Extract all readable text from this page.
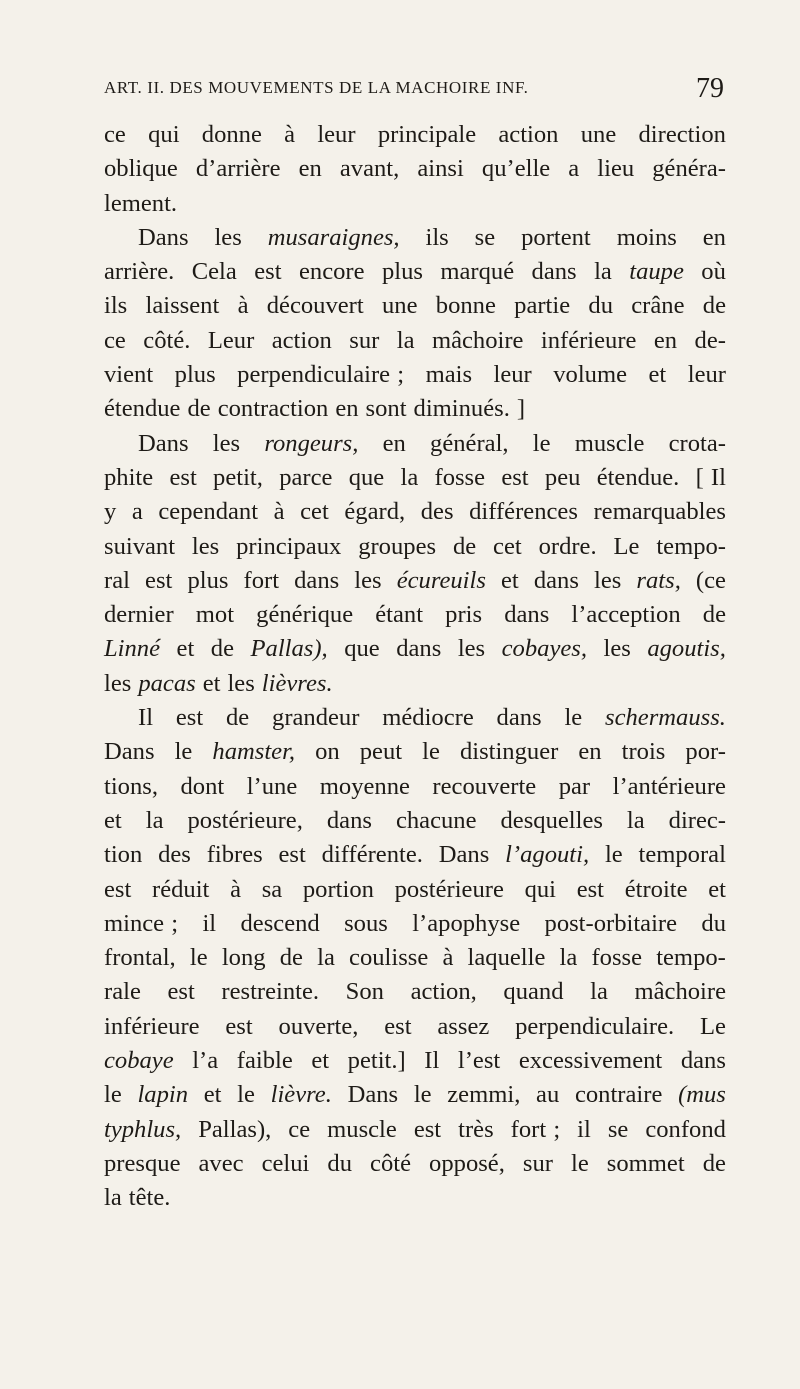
ART. II. DES MOUVEMENTS DE LA MACHOIRE INF.	79
ce qui donne à leur principale action une direction
oblique d’arrière en avant, ainsi qu’elle a lieu généra-
lement.
Dans les musaraignes, ils se portent moins en
arrière. Cela est encore plus marqué dans la taupe où
ils laissent à découvert une bonne partie du crâne de
ce côté. Leur action sur la mâchoire inférieure en de-
vient plus perpendiculaire ; mais leur volume et leur
étendue de contraction en sont diminués. ]
Dans les rongeurs, en général, le muscle crota-
phite est petit, parce que la fosse est peu étendue. [ Il
y a cependant à cet égard, des différences remarquables
suivant les principaux groupes de cet ordre. Le tempo-
ral est plus fort dans les écureuils et dans les rats, (ce
dernier mot générique étant pris dans l’acception de
Linné et de Pallas), que dans les cobayes, les agoutis,
les pacas et les lièvres.
Il est de grandeur médiocre dans le schermauss.
Dans le hamster, on peut le distinguer en trois por-
tions, dont l’une moyenne recouverte par l’antérieure
et la postérieure, dans chacune desquelles la direc-
tion des fibres est différente. Dans l’agouti, le temporal
est réduit à sa portion postérieure qui est étroite et
mince ; il descend sous l’apophyse post-orbitaire du
frontal, le long de la coulisse à laquelle la fosse tempo-
rale est restreinte. Son action, quand la mâchoire
inférieure est ouverte, est assez perpendiculaire. Le
cobaye l’a faible et petit.] Il l’est excessivement dans
le lapin et le lièvre. Dans le zemmi, au contraire (mus
typhlus, Pallas), ce muscle est très fort ; il se confond
presque avec celui du côté opposé, sur le sommet de
la tête.
